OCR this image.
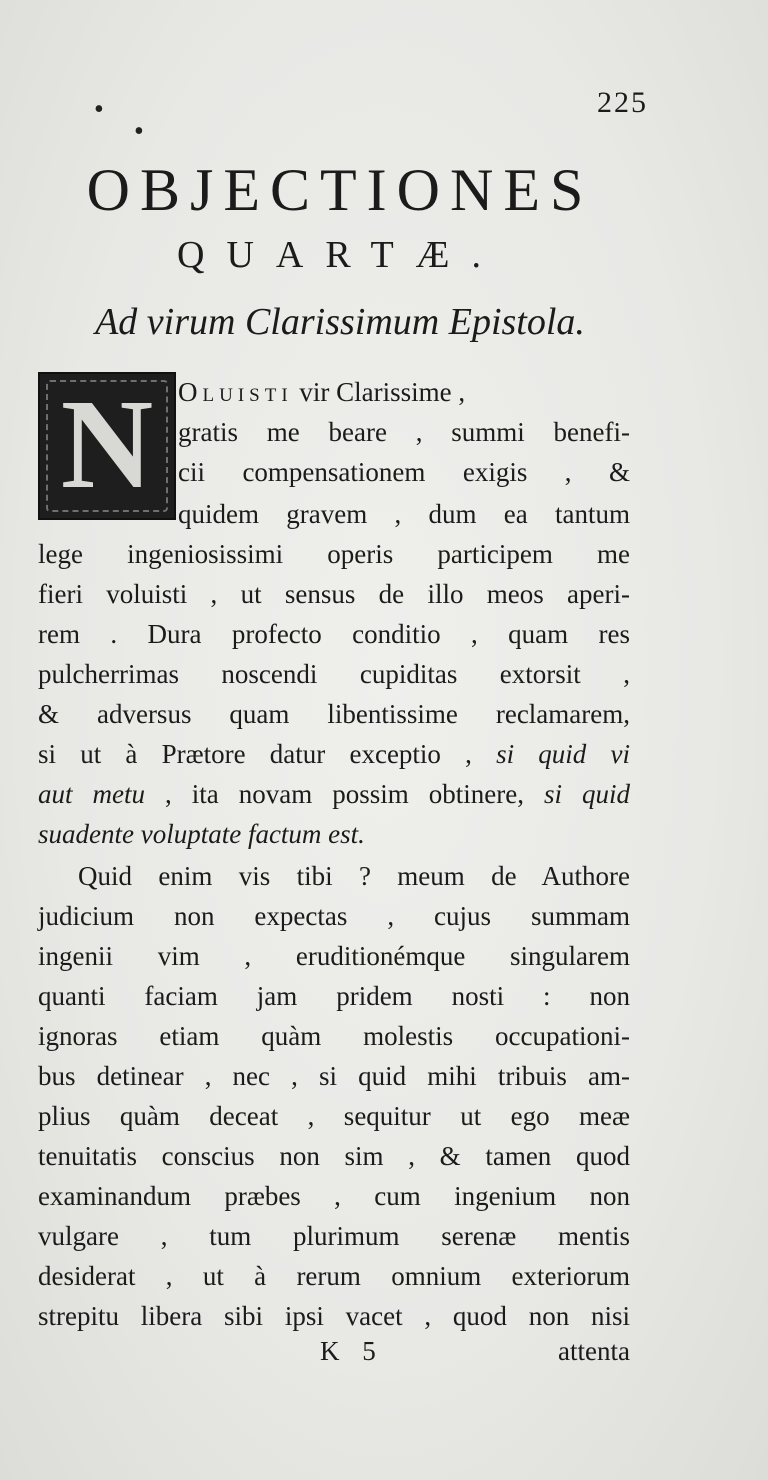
•
•
225
OBJECTIONES
QUARTÆ.
Ad virum Clarissimum Epistola.
N Oluisti vir Clarissime ,
gratis me beare , summi benefi-
cii compensationem exigis , &
quidem gravem , dum ea tantum
lege ingeniosissimi operis participem me
fieri voluisti , ut sensus de illo meos aperi-
rem . Dura profecto conditio , quam res
pulcherrimas noscendi cupiditas extorsit ,
& adversus quam libentissime reclamarem,
si ut à Prætore datur exceptio , si quid vi
aut metu , ita novam possim obtinere, si quid
suadente voluptate factum est.
Quid enim vis tibi ? meum de Authore
judicium non expectas , cujus summam
ingenii vim , eruditionémque singularem
quanti faciam jam pridem nosti : non
ignoras etiam quàm molestis occupationi-
bus detinear , nec , si quid mihi tribuis am-
plius quàm deceat , sequitur ut ego meæ
tenuitatis conscius non sim , & tamen quod
examinandum præbes , cum ingenium non
vulgare , tum plurimum serenæ mentis
desiderat , ut à rerum omnium exteriorum
strepitu libera sibi ipsi vacet , quod non nisi
K 5	attenta
